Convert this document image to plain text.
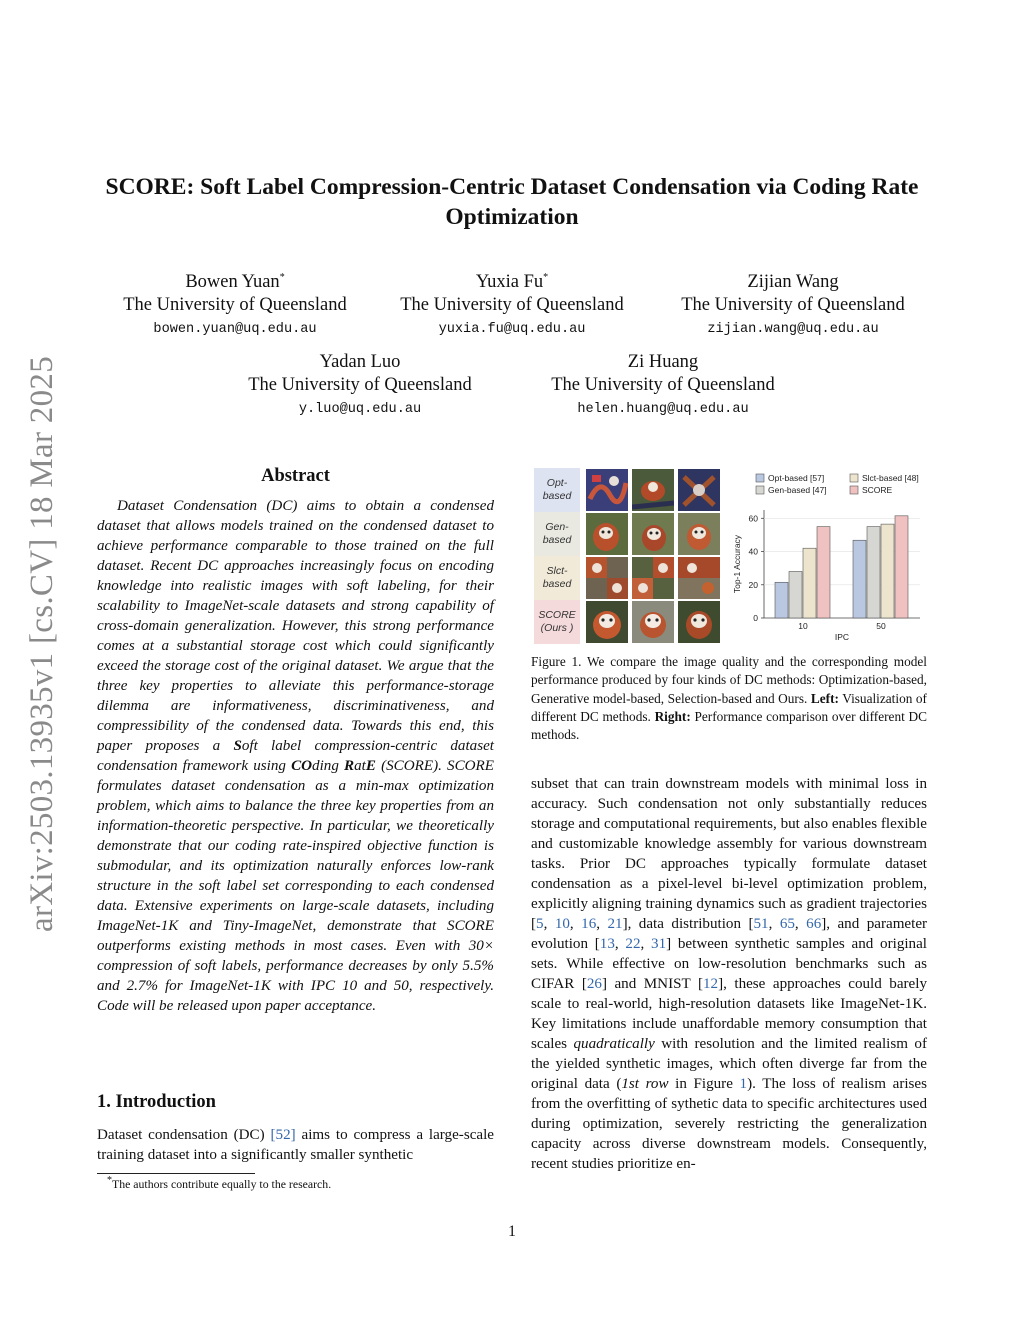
arXiv:2503.13935v1 [cs.CV] 18 Mar 2025
SCORE: Soft Label Compression-Centric Dataset Condensation via Coding Rate Optimization
Bowen Yuan*
The University of Queensland
bowen.yuan@uq.edu.au
Yuxia Fu*
The University of Queensland
yuxia.fu@uq.edu.au
Zijian Wang
The University of Queensland
zijian.wang@uq.edu.au
Yadan Luo
The University of Queensland
y.luo@uq.edu.au
Zi Huang
The University of Queensland
helen.huang@uq.edu.au
Abstract

Dataset Condensation (DC) aims to obtain a condensed dataset that allows models trained on the condensed dataset to achieve performance comparable to those trained on the full dataset. Recent DC approaches increasingly focus on encoding knowledge into realistic images with soft labeling, for their scalability to ImageNet-scale datasets and strong capability of cross-domain generalization. However, this strong performance comes at a substantial storage cost which could significantly exceed the storage cost of the original dataset. We argue that the three key properties to alleviate this performance-storage dilemma are informativeness, discriminativeness, and compressibility of the condensed data. Towards this end, this paper proposes a Soft label compression-centric dataset condensation framework using COding RatE (SCORE). SCORE formulates dataset condensation as a min-max optimization problem, which aims to balance the three key properties from an information-theoretic perspective. In particular, we theoretically demonstrate that our coding rate-inspired objective function is submodular, and its optimization naturally enforces low-rank structure in the soft label set corresponding to each condensed data. Extensive experiments on large-scale datasets, including ImageNet-1K and Tiny-ImageNet, demonstrate that SCORE outperforms existing methods in most cases. Even with 30× compression of soft labels, performance decreases by only 5.5% and 2.7% for ImageNet-1K with IPC 10 and 50, respectively. Code will be released upon paper acceptance.

1. Introduction

Dataset condensation (DC) [52] aims to compress a large-scale training dataset into a significantly smaller synthetic

*The authors contribute equally to the research.
Opt-
based
Gen-
based
Slct-
based
SCORE
(Ours )
Opt-based [57]	Slct-based [48]
Gen-based [47]	SCORE
0
20
40
60
Top-1 Accuracy
10	50
IPC

Figure 1. We compare the image quality and the corresponding model performance produced by four kinds of DC methods: Optimization-based, Generative model-based, Selection-based and Ours. Left: Visualization of different DC methods. Right: Performance comparison over different DC methods.

subset that can train downstream models with minimal loss in accuracy. Such condensation not only substantially reduces storage and computational requirements, but also enables flexible and customizable knowledge assembly for various downstream tasks. Prior DC approaches typically formulate dataset condensation as a pixel-level bi-level optimization problem, explicitly aligning training dynamics such as gradient trajectories [5, 10, 16, 21], data distribution [51, 65, 66], and parameter evolution [13, 22, 31] between synthetic samples and original sets. While effective on low-resolution benchmarks such as CIFAR [26] and MNIST [12], these approaches could barely scale to real-world, high-resolution datasets like ImageNet-1K. Key limitations include unaffordable memory consumption that scales quadratically with resolution and the limited realism of the yielded synthetic images, which often diverge far from the original data (1st row in Figure 1). The loss of realism arises from the overfitting of sythetic data to specific architectures used during optimization, severely restricting the generalization capacity across diverse downstream models. Consequently, recent studies prioritize en-

1
